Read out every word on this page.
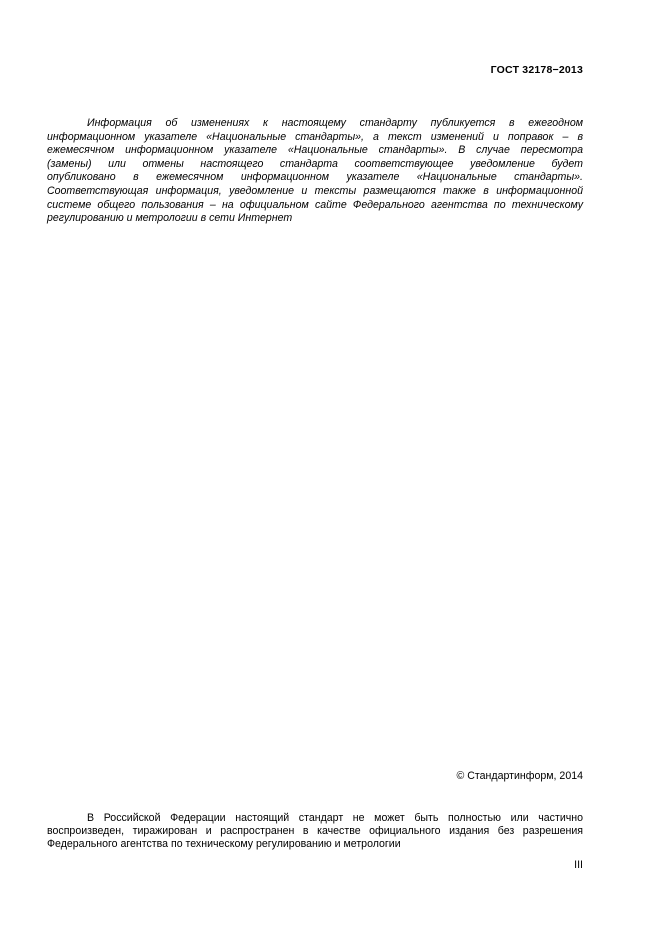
ГОСТ 32178−2013
Информация об изменениях к настоящему стандарту публикуется в ежегодном
информационном указателе «Национальные стандарты», а текст изменений и поправок – в
ежемесячном информационном указателе «Национальные стандарты». В случае пересмотра
(замены) или отмены настоящего стандарта соответствующее уведомление будет
опубликовано в ежемесячном информационном указателе «Национальные стандарты».
Соответствующая информация, уведомление и тексты размещаются также в информационной
системе общего пользования – на официальном сайте Федерального агентства по техническому
регулированию и метрологии в сети Интернет
© Стандартинформ, 2014
В Российской Федерации настоящий стандарт не может быть полностью или частично
воспроизведен, тиражирован и распространен в качестве официального издания без разрешения
Федерального агентства по техническому регулированию и метрологии
III
